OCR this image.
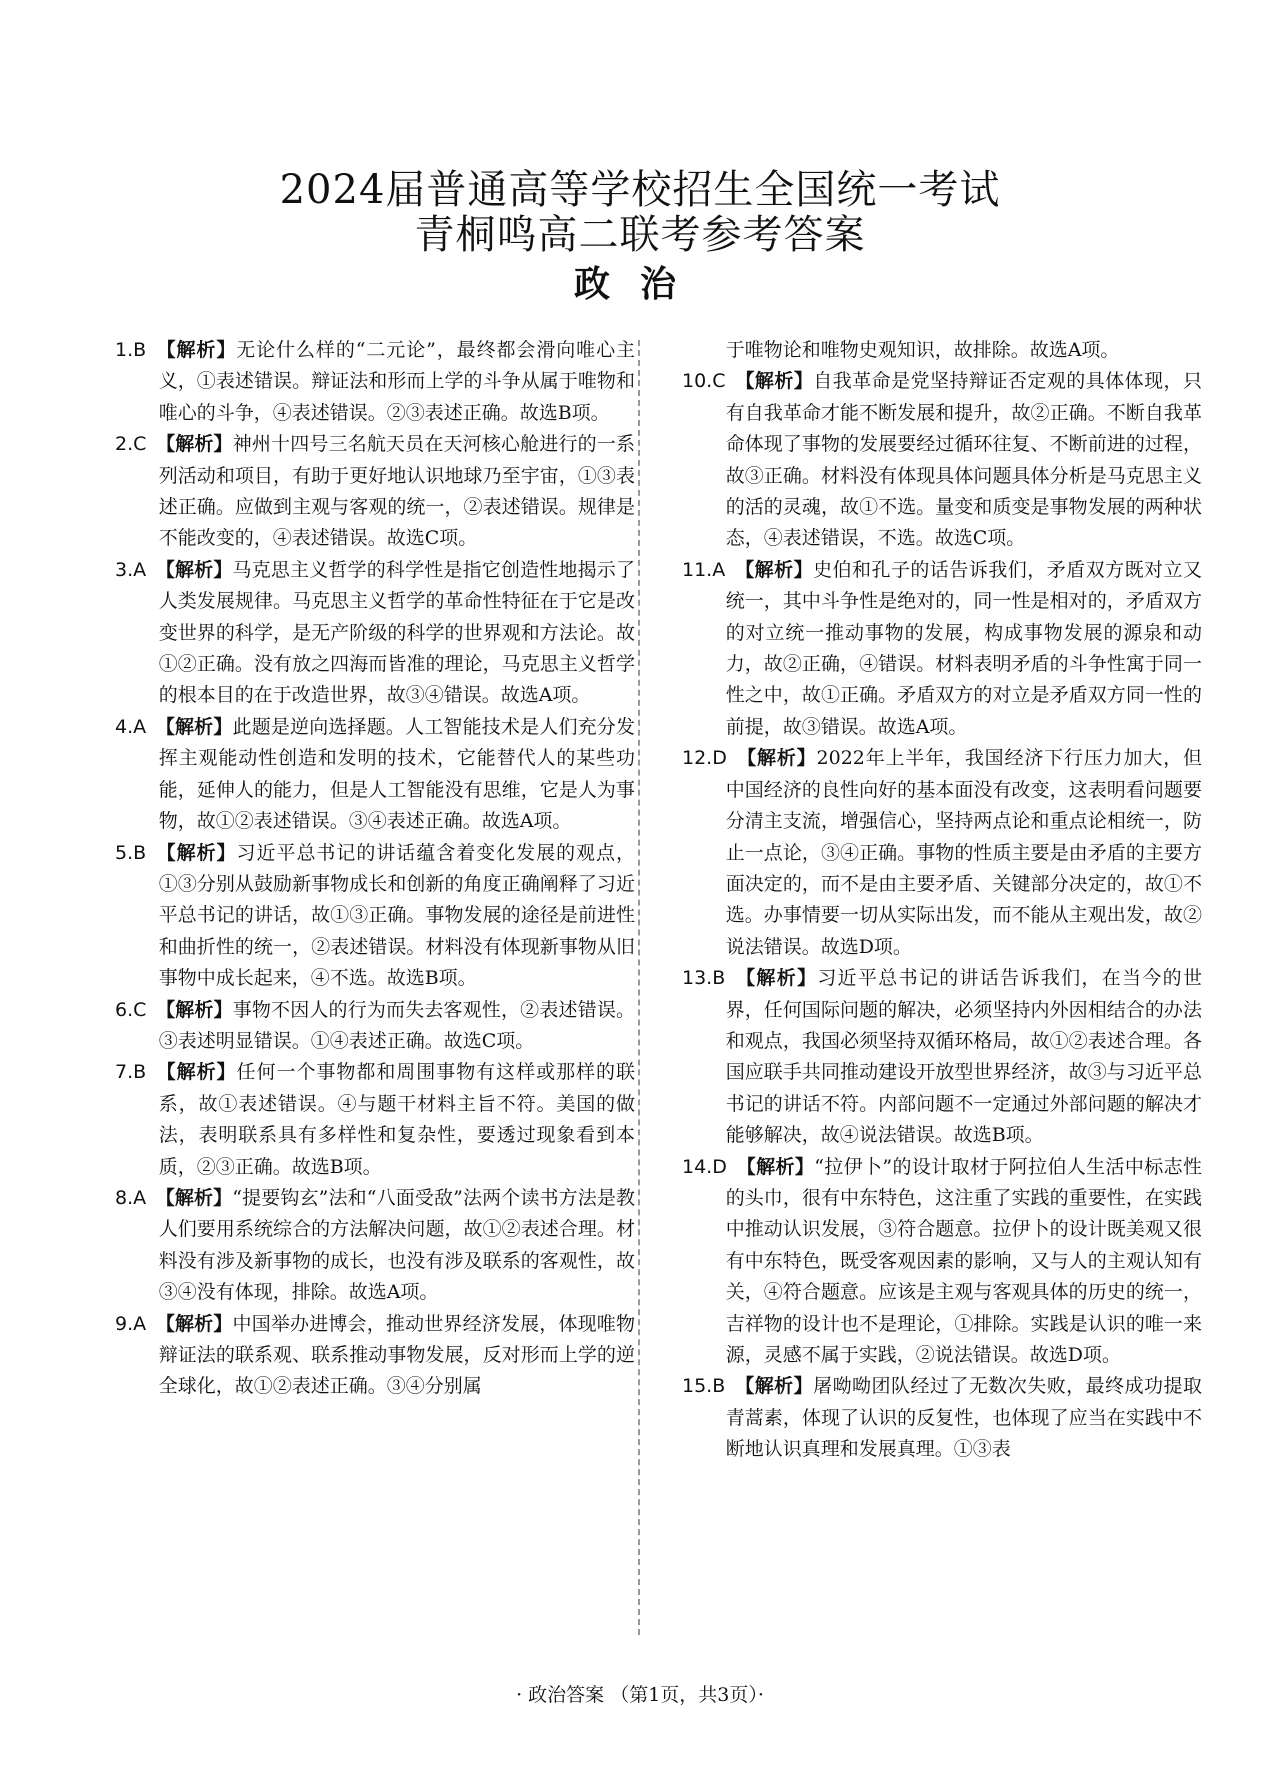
2024届普通高等学校招生全国统一考试
青桐鸣高二联考参考答案
政治

1.B 【解析】无论什么样的“二元论”，最终都会滑向唯心主义，①表述错误。辩证法和形而上学的斗争从属于唯物和唯心的斗争，④表述错误。②③表述正确。故选B项。

2.C 【解析】神州十四号三名航天员在天河核心舱进行的一系列活动和项目，有助于更好地认识地球乃至宇宙，①③表述正确。应做到主观与客观的统一，②表述错误。规律是不能改变的，④表述错误。故选C项。

3.A 【解析】马克思主义哲学的科学性是指它创造性地揭示了人类发展规律。马克思主义哲学的革命性特征在于它是改变世界的科学，是无产阶级的科学的世界观和方法论。故①②正确。没有放之四海而皆准的理论，马克思主义哲学的根本目的在于改造世界，故③④错误。故选A项。

4.A 【解析】此题是逆向选择题。人工智能技术是人们充分发挥主观能动性创造和发明的技术，它能替代人的某些功能，延伸人的能力，但是人工智能没有思维，它是人为事物，故①②表述错误。③④表述正确。故选A项。

5.B 【解析】习近平总书记的讲话蕴含着变化发展的观点，①③分别从鼓励新事物成长和创新的角度正确阐释了习近平总书记的讲话，故①③正确。事物发展的途径是前进性和曲折性的统一，②表述错误。材料没有体现新事物从旧事物中成长起来，④不选。故选B项。

6.C 【解析】事物不因人的行为而失去客观性，②表述错误。③表述明显错误。①④表述正确。故选C项。

7.B 【解析】任何一个事物都和周围事物有这样或那样的联系，故①表述错误。④与题干材料主旨不符。美国的做法，表明联系具有多样性和复杂性，要透过现象看到本质，②③正确。故选B项。

8.A 【解析】“提要钩玄”法和“八面受敌”法两个读书方法是教人们要用系统综合的方法解决问题，故①②表述合理。材料没有涉及新事物的成长，也没有涉及联系的客观性，故③④没有体现，排除。故选A项。

9.A 【解析】中国举办进博会，推动世界经济发展，体现唯物辩证法的联系观、联系推动事物发展，反对形而上学的逆全球化，故①②表述正确。③④分别属

于唯物论和唯物史观知识，故排除。故选A项。

10.C 【解析】自我革命是党坚持辩证否定观的具体体现，只有自我革命才能不断发展和提升，故②正确。不断自我革命体现了事物的发展要经过循环往复、不断前进的过程，故③正确。材料没有体现具体问题具体分析是马克思主义的活的灵魂，故①不选。量变和质变是事物发展的两种状态，④表述错误，不选。故选C项。

11.A 【解析】史伯和孔子的话告诉我们，矛盾双方既对立又统一，其中斗争性是绝对的，同一性是相对的，矛盾双方的对立统一推动事物的发展，构成事物发展的源泉和动力，故②正确，④错误。材料表明矛盾的斗争性寓于同一性之中，故①正确。矛盾双方的对立是矛盾双方同一性的前提，故③错误。故选A项。

12.D 【解析】2022年上半年，我国经济下行压力加大，但中国经济的良性向好的基本面没有改变，这表明看问题要分清主支流，增强信心，坚持两点论和重点论相统一，防止一点论，③④正确。事物的性质主要是由矛盾的主要方面决定的，而不是由主要矛盾、关键部分决定的，故①不选。办事情要一切从实际出发，而不能从主观出发，故②说法错误。故选D项。

13.B 【解析】习近平总书记的讲话告诉我们，在当今的世界，任何国际问题的解决，必须坚持内外因相结合的办法和观点，我国必须坚持双循环格局，故①②表述合理。各国应联手共同推动建设开放型世界经济，故③与习近平总书记的讲话不符。内部问题不一定通过外部问题的解决才能够解决，故④说法错误。故选B项。

14.D 【解析】“拉伊卜”的设计取材于阿拉伯人生活中标志性的头巾，很有中东特色，这注重了实践的重要性，在实践中推动认识发展，③符合题意。拉伊卜的设计既美观又很有中东特色，既受客观因素的影响，又与人的主观认知有关，④符合题意。应该是主观与客观具体的历史的统一，吉祥物的设计也不是理论，①排除。实践是认识的唯一来源，灵感不属于实践，②说法错误。故选D项。

15.B 【解析】屠呦呦团队经过了无数次失败，最终成功提取青蒿素，体现了认识的反复性，也体现了应当在实践中不断地认识真理和发展真理。①③表

· 政治答案 （第1页，共3页）·
